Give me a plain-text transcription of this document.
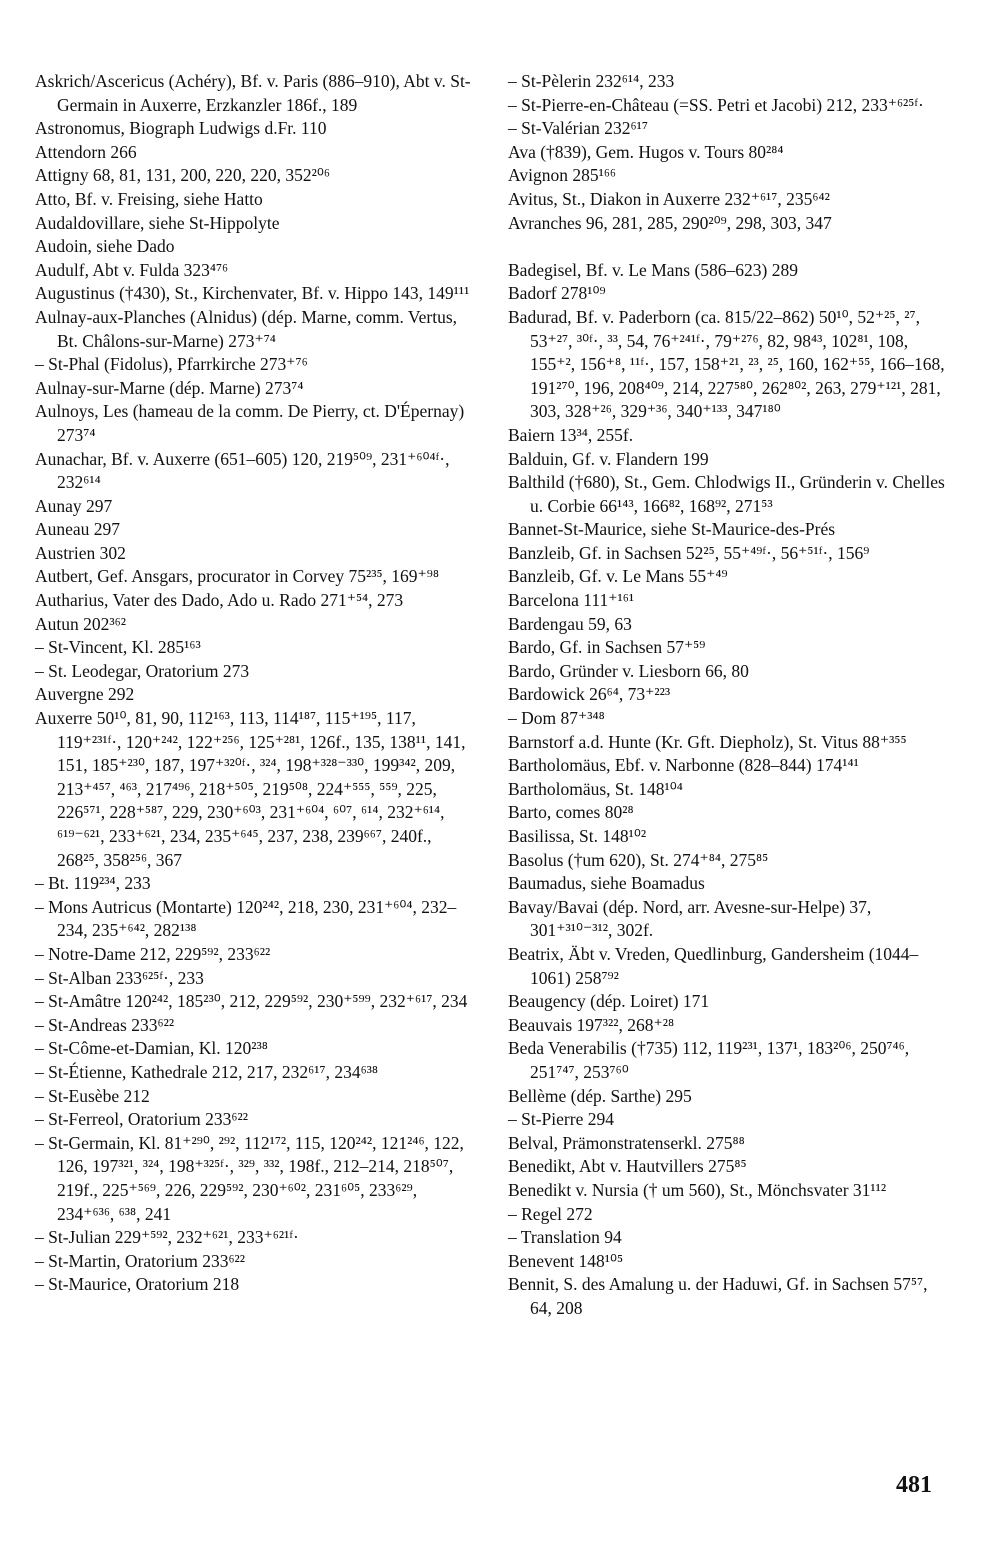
Askrich/Ascericus (Achéry), Bf. v. Paris (886–910), Abt v. St-Germain in Auxerre, Erzkanzler 186f., 189
Astronomus, Biograph Ludwigs d.Fr. 110
Attendorn 266
Attigny 68, 81, 131, 200, 220, 220, 352²⁰⁶
Atto, Bf. v. Freising, siehe Hatto
Audaldovillare, siehe St-Hippolyte
Audoin, siehe Dado
Audulf, Abt v. Fulda 323⁴⁷⁶
Augustinus (†430), St., Kirchenvater, Bf. v. Hippo 143, 149¹¹¹
Aulnay-aux-Planches (Alnidus) (dép. Marne, comm. Vertus, Bt. Châlons-sur-Marne) 273⁺⁷⁴
– St-Phal (Fidolus), Pfarrkirche 273⁺⁷⁶
Aulnay-sur-Marne (dép. Marne) 273⁷⁴
Aulnoys, Les (hameau de la comm. De Pierry, ct. D'Épernay) 273⁷⁴
Aunachar, Bf. v. Auxerre (651–605) 120, 219⁵⁰⁹, 231⁺⁶⁰⁴ᶠ·, 232⁶¹⁴
Aunay 297
Auneau 297
Austrien 302
Autbert, Gef. Ansgars, procurator in Corvey 75²³⁵, 169⁺⁹⁸
Autharius, Vater des Dado, Ado u. Rado 271⁺⁵⁴, 273
Autun 202³⁶²
– St-Vincent, Kl. 285¹⁶³
– St. Leodegar, Oratorium 273
Auvergne 292
Auxerre 50¹⁰, 81, 90, 112¹⁶³, 113, 114¹⁸⁷, 115⁺¹⁹⁵, 117, 119⁺²³¹ᶠ·, 120⁺²⁴², 122⁺²⁵⁶, 125⁺²⁸¹, 126f., 135, 138¹¹, 141, 151, 185⁺²³⁰, 187, 197⁺³²⁰ᶠ·, ³²⁴, 198⁺³²⁸⁻³³⁰, 199³⁴², 209, 213⁺⁴⁵⁷, ⁴⁶³, 217⁴⁹⁶, 218⁺⁵⁰⁵, 219⁵⁰⁸, 224⁺⁵⁵⁵, ⁵⁵⁹, 225, 226⁵⁷¹, 228⁺⁵⁸⁷, 229, 230⁺⁶⁰³, 231⁺⁶⁰⁴, ⁶⁰⁷, ⁶¹⁴, 232⁺⁶¹⁴, ⁶¹⁹⁻⁶²¹, 233⁺⁶²¹, 234, 235⁺⁶⁴⁵, 237, 238, 239⁶⁶⁷, 240f., 268²⁵, 358²⁵⁶, 367
– Bt. 119²³⁴, 233
– Mons Autricus (Montarte) 120²⁴², 218, 230, 231⁺⁶⁰⁴, 232–234, 235⁺⁶⁴², 282¹³⁸
– Notre-Dame 212, 229⁵⁹², 233⁶²²
– St-Alban 233⁶²⁵ᶠ·, 233
– St-Amâtre 120²⁴², 185²³⁰, 212, 229⁵⁹², 230⁺⁵⁹⁹, 232⁺⁶¹⁷, 234
– St-Andreas 233⁶²²
– St-Côme-et-Damian, Kl. 120²³⁸
– St-Étienne, Kathedrale 212, 217, 232⁶¹⁷, 234⁶³⁸
– St-Eusèbe 212
– St-Ferreol, Oratorium 233⁶²²
– St-Germain, Kl. 81⁺²⁹⁰, ²⁹², 112¹⁷², 115, 120²⁴², 121²⁴⁶, 122, 126, 197³²¹, ³²⁴, 198⁺³²⁵ᶠ·, ³²⁹, ³³², 198f., 212–214, 218⁵⁰⁷, 219f., 225⁺⁵⁶⁹, 226, 229⁵⁹², 230⁺⁶⁰², 231⁶⁰⁵, 233⁶²⁹, 234⁺⁶³⁶, ⁶³⁸, 241
– St-Julian 229⁺⁵⁹², 232⁺⁶²¹, 233⁺⁶²¹ᶠ·
– St-Martin, Oratorium 233⁶²²
– St-Maurice, Oratorium 218
– St-Pèlerin 232⁶¹⁴, 233
– St-Pierre-en-Château (=SS. Petri et Jacobi) 212, 233⁺⁶²⁵ᶠ·
– St-Valérian 232⁶¹⁷
Ava (†839), Gem. Hugos v. Tours 80²⁸⁴
Avignon 285¹⁶⁶
Avitus, St., Diakon in Auxerre 232⁺⁶¹⁷, 235⁶⁴²
Avranches 96, 281, 285, 290²⁰⁹, 298, 303, 347
Badegisel, Bf. v. Le Mans (586–623) 289
Badorf 278¹⁰⁹
Badurad, Bf. v. Paderborn (ca. 815/22–862) 50¹⁰, 52⁺²⁵, ²⁷, 53⁺²⁷, ³⁰ᶠ·, ³³, 54, 76⁺²⁴¹ᶠ·, 79⁺²⁷⁶, 82, 98⁴³, 102⁸¹, 108, 155⁺², 156⁺⁸, ¹¹ᶠ·, 157, 158⁺²¹, ²³, ²⁵, 160, 162⁺⁵⁵, 166–168, 191²⁷⁰, 196, 208⁴⁰⁹, 214, 227⁵⁸⁰, 262⁸⁰², 263, 279⁺¹²¹, 281, 303, 328⁺²⁶, 329⁺³⁶, 340⁺¹³³, 347¹⁸⁰
Baiern 13³⁴, 255f.
Balduin, Gf. v. Flandern 199
Balthild (†680), St., Gem. Chlodwigs II., Gründerin v. Chelles u. Corbie 66¹⁴³, 166⁸², 168⁹², 271⁵³
Bannet-St-Maurice, siehe St-Maurice-des-Prés
Banzleib, Gf. in Sachsen 52²⁵, 55⁺⁴⁹ᶠ·, 56⁺⁵¹ᶠ·, 156⁹
Banzleib, Gf. v. Le Mans 55⁺⁴⁹
Barcelona 111⁺¹⁶¹
Bardengau 59, 63
Bardo, Gf. in Sachsen 57⁺⁵⁹
Bardo, Gründer v. Liesborn 66, 80
Bardowick 26⁶⁴, 73⁺²²³
– Dom 87⁺³⁴⁸
Barnstorf a.d. Hunte (Kr. Gft. Diepholz), St. Vitus 88⁺³⁵⁵
Bartholomäus, Ebf. v. Narbonne (828–844) 174¹⁴¹
Bartholomäus, St. 148¹⁰⁴
Barto, comes 80²⁸
Basilissa, St. 148¹⁰²
Basolus (†um 620), St. 274⁺⁸⁴, 275⁸⁵
Baumadus, siehe Boamadus
Bavay/Bavai (dép. Nord, arr. Avesne-sur-Helpe) 37, 301⁺³¹⁰⁻³¹², 302f.
Beatrix, Äbt v. Vreden, Quedlinburg, Gandersheim (1044–1061) 258⁷⁹²
Beaugency (dép. Loiret) 171
Beauvais 197³²², 268⁺²⁸
Beda Venerabilis (†735) 112, 119²³¹, 137¹, 183²⁰⁶, 250⁷⁴⁶, 251⁷⁴⁷, 253⁷⁶⁰
Bellème (dép. Sarthe) 295
– St-Pierre 294
Belval, Prämonstratenserkl. 275⁸⁸
Benedikt, Abt v. Hautvillers 275⁸⁵
Benedikt v. Nursia († um 560), St., Mönchsvater 31¹¹²
– Regel 272
– Translation 94
Benevent 148¹⁰⁵
Bennit, S. des Amalung u. der Haduwi, Gf. in Sachsen 57⁵⁷, 64, 208
481
